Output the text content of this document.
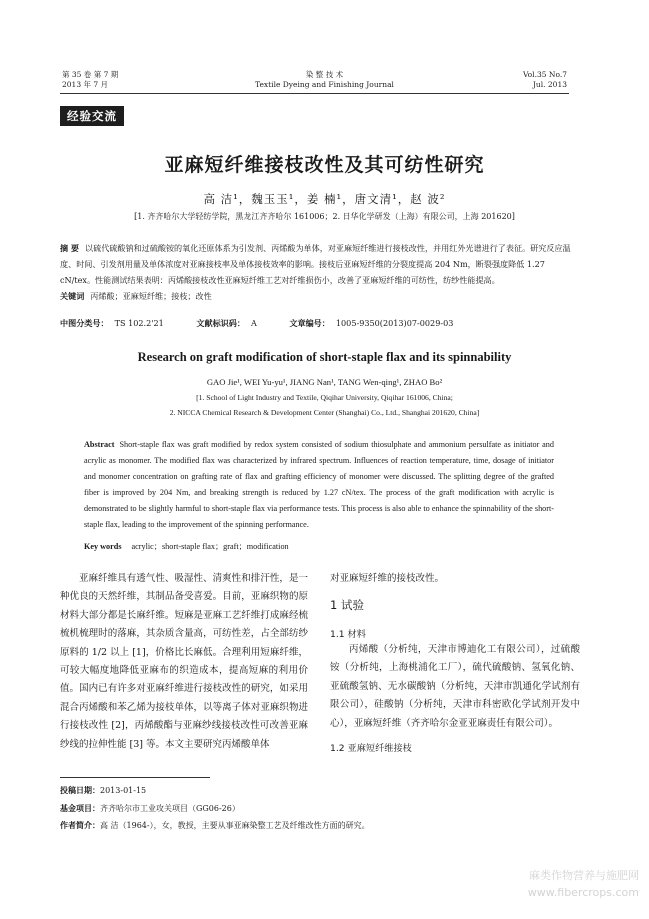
第 35 卷 第 7 期
2013 年 7 月
染 整 技 术
Textile Dyeing and Finishing Journal
Vol.35 No.7
Jul. 2013
经验交流
亚麻短纤维接枝改性及其可纺性研究
高 洁¹，魏玉玉¹，姜 楠¹，唐文清¹，赵 波²
[1. 齐齐哈尔大学轻纺学院，黑龙江齐齐哈尔 161006；2. 日华化学研发（上海）有限公司，上海 201620]
摘 要 以硫代硫酸钠和过硫酸铵的氧化还原体系为引发剂、丙烯酸为单体，对亚麻短纤维进行接枝改性，并用红外光谱进行了表征。研究反应温度、时间、引发剂用量及单体浓度对亚麻接枝率及单体接枝效率的影响。接枝后亚麻短纤维的分裂度提高 204 Nm，断裂强度降低 1.27 cN/tex。性能测试结果表明：丙烯酸接枝改性亚麻短纤维工艺对纤维损伤小，改善了亚麻短纤维的可纺性，纺纱性能提高。
关键词 丙烯酸；亚麻短纤维；接枝；改性
中图分类号： TS 102.2'21	文献标识码： A	文章编号： 1005-9350(2013)07-0029-03
Research on graft modification of short-staple flax and its spinnability
GAO Jie¹, WEI Yu-yu¹, JIANG Nan¹, TANG Wen-qing¹, ZHAO Bo²
[1. School of Light Industry and Textile, Qiqihar University, Qiqihar 161006, China;
2. NICCA Chemical Research & Development Center (Shanghai) Co., Ltd., Shanghai 201620, China]
Abstract Short-staple flax was graft modified by redox system consisted of sodium thiosulphate and ammonium persulfate as initiator and acrylic as monomer. The modified flax was characterized by infrared spectrum. Influences of reaction temperature, time, dosage of initiator and monomer concentration on grafting rate of flax and grafting efficiency of monomer were discussed. The splitting degree of the grafted fiber is improved by 204 Nm, and breaking strength is reduced by 1.27 cN/tex. The process of the graft modification with acrylic is demonstrated to be slightly harmful to short-staple flax via performance tests. This process is also able to enhance the spinnability of the short-staple flax, leading to the improvement of the spinning performance.
Key words acrylic；short-staple flax；graft；modification
亚麻纤维具有透气性、吸湿性、清爽性和排汗性，是一种优良的天然纤维，其制品备受喜爱。目前，亚麻织物的原材料大部分都是长麻纤维。短麻是亚麻工艺纤维打成麻经梳梳机梳理时的落麻，其杂质含量高，可纺性差，占全部纺纱原料的 1/2 以上 [1]，价格比长麻低。合理利用短麻纤维，可较大幅度地降低亚麻布的织造成本，提高短麻的利用价值。国内已有许多对亚麻纤维进行接枝改性的研究，如采用混合丙烯酸和苯乙烯为接枝单体，以等离子体对亚麻织物进行接枝改性 [2]，丙烯酸酯与亚麻纱线接枝改性可改善亚麻纱线的拉伸性能 [3] 等。本文主要研究丙烯酸单体
对亚麻短纤维的接枝改性。
1 试验
1.1 材料
丙烯酸（分析纯，天津市博迪化工有限公司），过硫酸铵（分析纯，上海桃浦化工厂），硫代硫酸钠、氢氧化钠、亚硫酸氢钠、无水碳酸钠（分析纯，天津市凯通化学试剂有限公司），硅酸钠（分析纯，天津市科密欧化学试剂开发中心），亚麻短纤维（齐齐哈尔金亚亚麻责任有限公司）。
1.2 亚麻短纤维接枝
投稿日期：2013-01-15
基金项目：齐齐哈尔市工业攻关项目（GG06-26）
作者简介：高 洁（1964-），女，教授，主要从事亚麻染整工艺及纤维改性方面的研究。
麻类作物营养与施肥网
www.fibercrops.com
